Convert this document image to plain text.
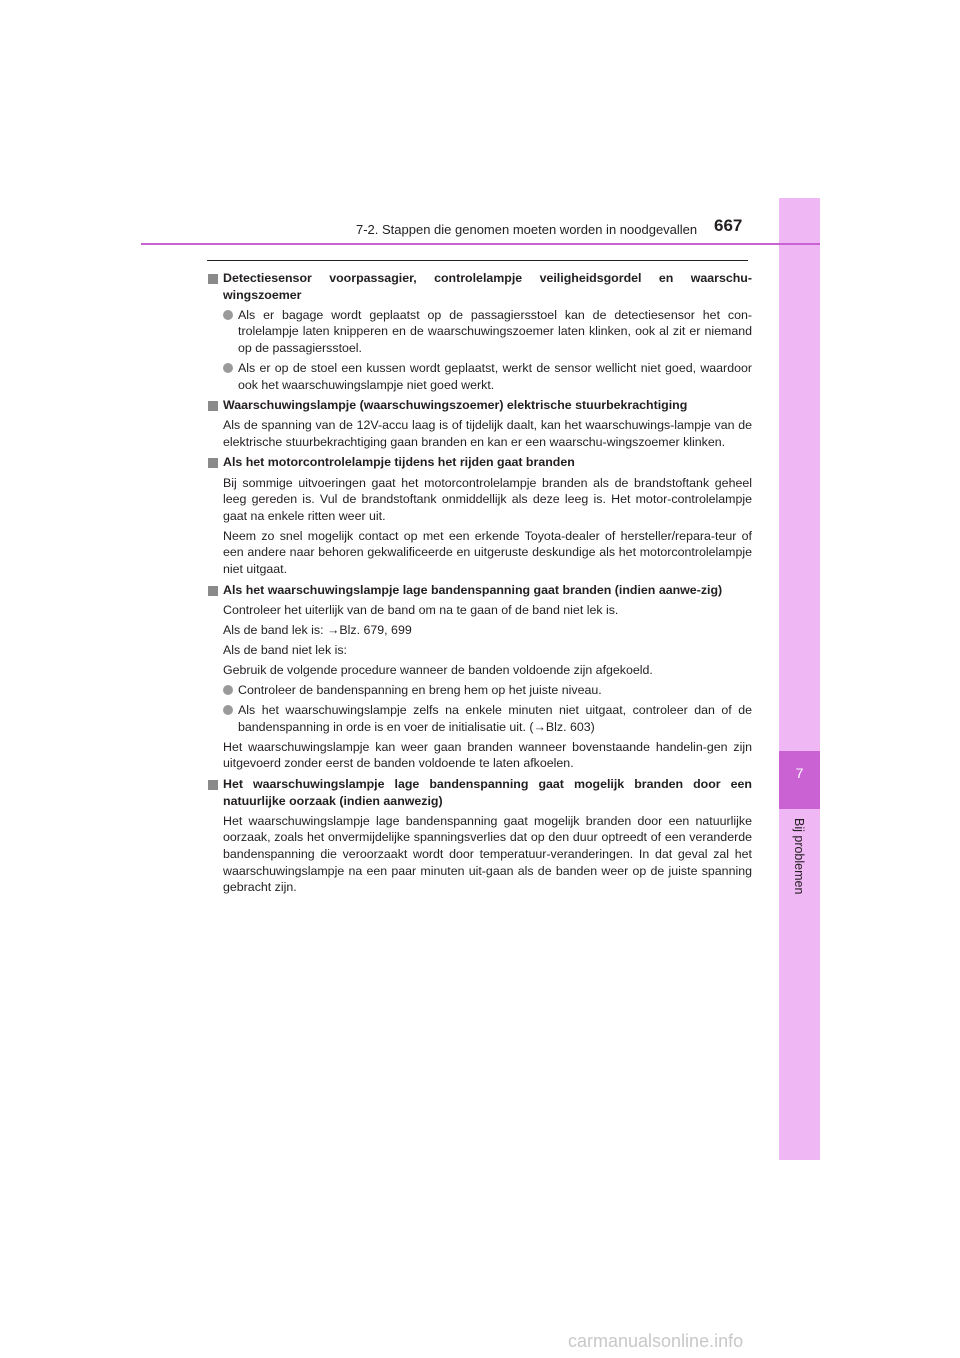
7
Bij problemen
7-2. Stappen die genomen moeten worden in noodgevallen 667
Detectiesensor voorpassagier, controlelampje veiligheidsgordel en waarschu-wingszoemer
Als er bagage wordt geplaatst op de passagiersstoel kan de detectiesensor het con-trolelampje laten knipperen en de waarschuwingszoemer laten klinken, ook al zit er niemand op de passagiersstoel.
Als er op de stoel een kussen wordt geplaatst, werkt de sensor wellicht niet goed, waardoor ook het waarschuwingslampje niet goed werkt.
Waarschuwingslampje (waarschuwingszoemer) elektrische stuurbekrachtiging
Als de spanning van de 12V-accu laag is of tijdelijk daalt, kan het waarschuwings-lampje van de elektrische stuurbekrachtiging gaan branden en kan er een waarschu-wingszoemer klinken.
Als het motorcontrolelampje tijdens het rijden gaat branden
Bij sommige uitvoeringen gaat het motorcontrolelampje branden als de brandstoftank geheel leeg gereden is. Vul de brandstoftank onmiddellijk als deze leeg is. Het motor-controlelampje gaat na enkele ritten weer uit.
Neem zo snel mogelijk contact op met een erkende Toyota-dealer of hersteller/repara-teur of een andere naar behoren gekwalificeerde en uitgeruste deskundige als het motorcontrolelampje niet uitgaat.
Als het waarschuwingslampje lage bandenspanning gaat branden (indien aanwe-zig)
Controleer het uiterlijk van de band om na te gaan of de band niet lek is.
Als de band lek is: →Blz. 679, 699
Als de band niet lek is:
Gebruik de volgende procedure wanneer de banden voldoende zijn afgekoeld.
Controleer de bandenspanning en breng hem op het juiste niveau.
Als het waarschuwingslampje zelfs na enkele minuten niet uitgaat, controleer dan of de bandenspanning in orde is en voer de initialisatie uit. (→Blz. 603)
Het waarschuwingslampje kan weer gaan branden wanneer bovenstaande handelin-gen zijn uitgevoerd zonder eerst de banden voldoende te laten afkoelen.
Het waarschuwingslampje lage bandenspanning gaat mogelijk branden door een natuurlijke oorzaak (indien aanwezig)
Het waarschuwingslampje lage bandenspanning gaat mogelijk branden door een natuurlijke oorzaak, zoals het onvermijdelijke spanningsverlies dat op den duur optreedt of een veranderde bandenspanning die veroorzaakt wordt door temperatuur-veranderingen. In dat geval zal het waarschuwingslampje na een paar minuten uit-gaan als de banden weer op de juiste spanning gebracht zijn.
carmanualsonline.info
